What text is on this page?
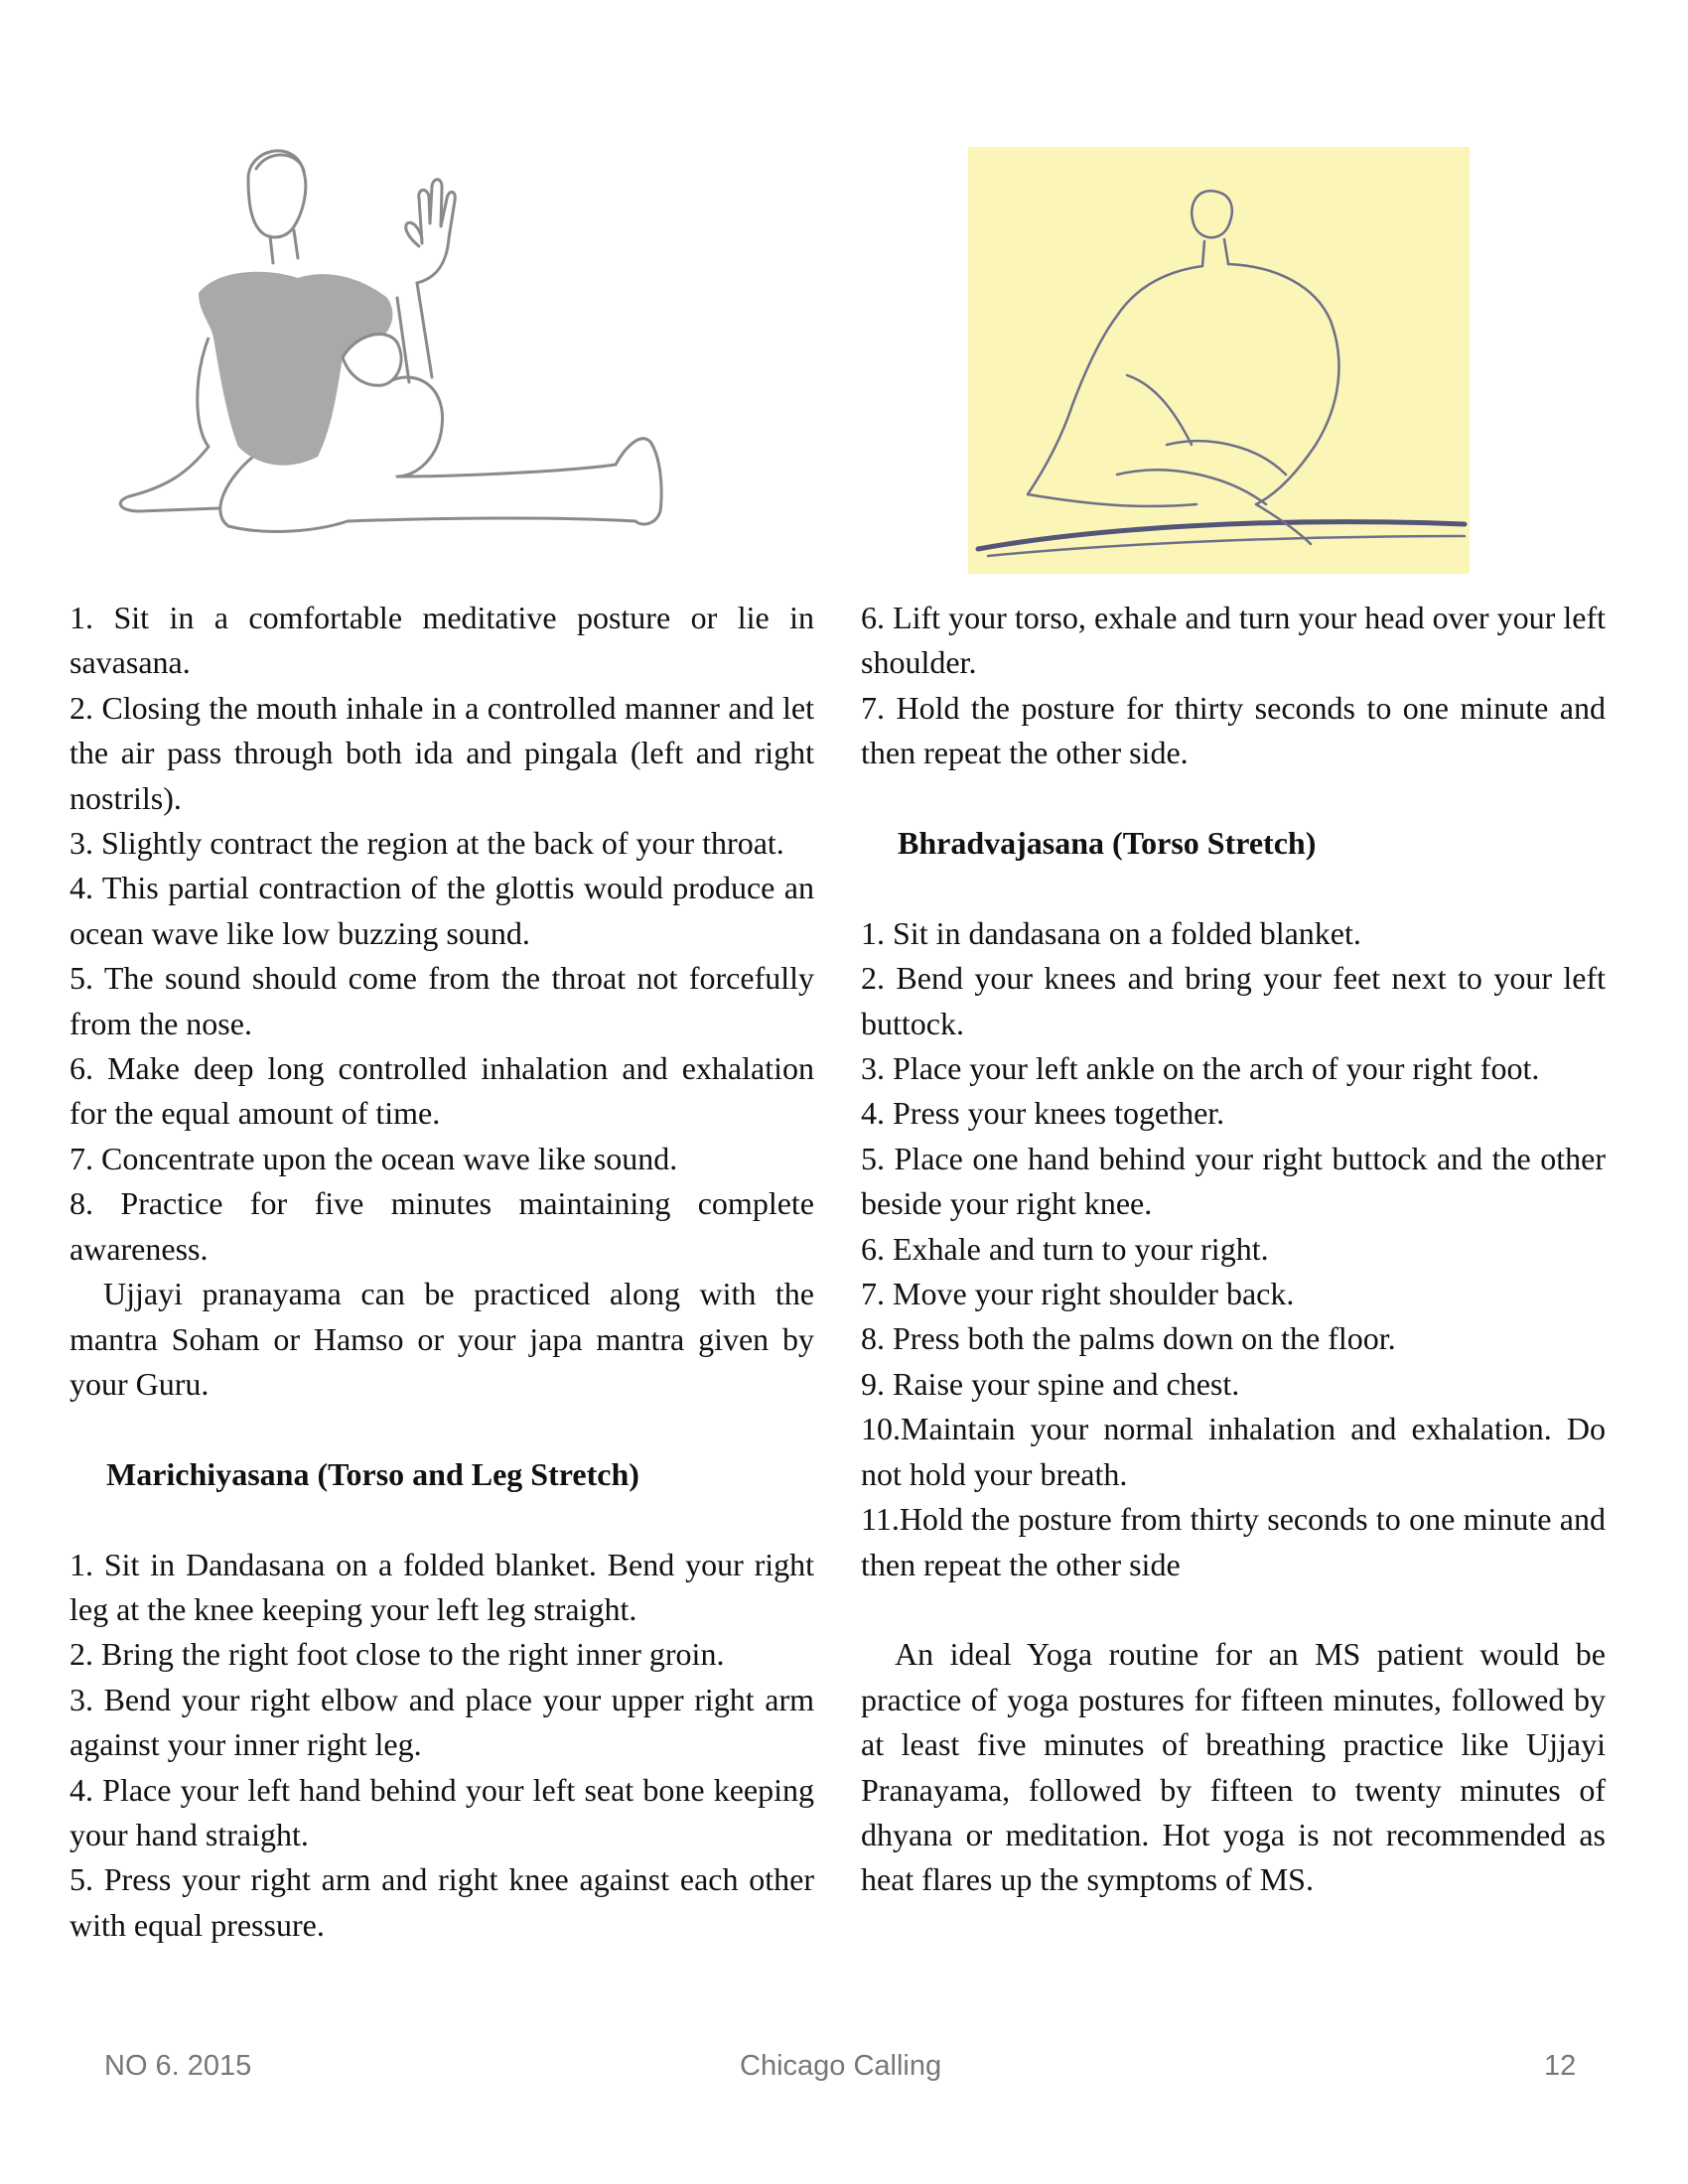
1. Sit in a comfortable meditative posture or lie in savasana.

2. Closing the mouth inhale in a controlled manner and let the air pass through both ida and pingala (left and right nostrils).

3. Slightly contract the region at the back of your throat.

4. This partial contraction of the glottis would produce an ocean wave like low buzzing sound.

5. The sound should come from the throat not forcefully from the nose.

6. Make deep long controlled inhalation and exhalation for the equal amount of time.

7. Concentrate upon the ocean wave like sound.

8. Practice for five minutes maintaining complete awareness.

Ujjayi pranayama can be practiced along with the mantra Soham or Hamso or your japa mantra given by your Guru.

Marichiyasana (Torso and Leg Stretch)

1. Sit in Dandasana on a folded blanket. Bend your right leg at the knee keeping your left leg straight.

2. Bring the right foot close to the right inner groin.

3. Bend your right elbow and place your upper right arm against your inner right leg.

4. Place your left hand behind your left seat bone keeping your hand straight.

5. Press your right arm and right knee against each other with equal pressure.

6. Lift your torso, exhale and turn your head over your left shoulder.

7. Hold the posture for thirty seconds to one minute and then repeat the other side.

Bhradvajasana (Torso Stretch)

1. Sit in dandasana on a folded blanket.

2. Bend your knees and bring your feet next to your left buttock.

3. Place your left ankle on the arch of your right foot.

4. Press your knees together.

5. Place one hand behind your right buttock and the other beside your right knee.

6. Exhale and turn to your right.

7. Move your right shoulder back.

8. Press both the palms down on the floor.

9. Raise your spine and chest.

10.Maintain your normal inhalation and exhalation. Do not hold your breath.

11.Hold the posture from thirty seconds to one minute and then repeat the other side

An ideal Yoga routine for an MS patient would be practice of yoga postures for fifteen minutes, followed by at least five minutes of breathing practice like Ujjayi Pranayama, followed by fifteen to twenty minutes of dhyana or meditation. Hot yoga is not recommended as heat flares up the symptoms of MS.

NO 6. 2015	Chicago Calling	12
